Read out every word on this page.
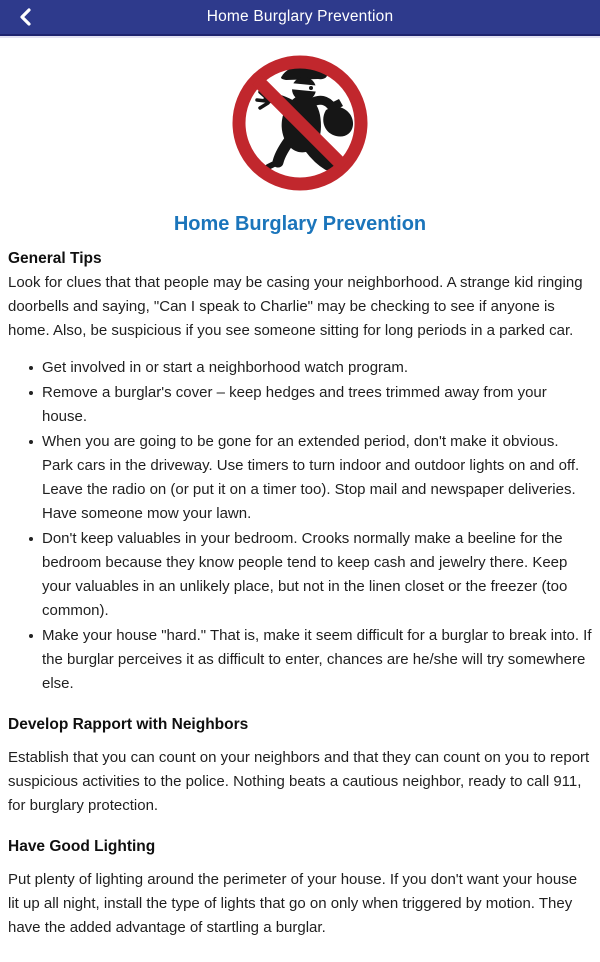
Home Burglary Prevention
Home Burglary Prevention
General Tips

Look for clues that that people may be casing your neighborhood. A strange kid ringing doorbells and saying, "Can I speak to Charlie" may be checking to see if anyone is home. Also, be suspicious if you see someone sitting for long periods in a parked car.

Get involved in or start a neighborhood watch program.
Remove a burglar's cover – keep hedges and trees trimmed away from your house.
When you are going to be gone for an extended period, don't make it obvious. Park cars in the driveway. Use timers to turn indoor and outdoor lights on and off. Leave the radio on (or put it on a timer too). Stop mail and newspaper deliveries. Have someone mow your lawn.
Don't keep valuables in your bedroom. Crooks normally make a beeline for the bedroom because they know people tend to keep cash and jewelry there. Keep your valuables in an unlikely place, but not in the linen closet or the freezer (too common).
Make your house "hard." That is, make it seem difficult for a burglar to break into. If the burglar perceives it as difficult to enter, chances are he/she will try somewhere else.
Develop Rapport with Neighbors

Establish that you can count on your neighbors and that they can count on you to report suspicious activities to the police. Nothing beats a cautious neighbor, ready to call 911, for burglary protection.

Have Good Lighting

Put plenty of lighting around the perimeter of your house. If you don't want your house lit up all night, install the type of lights that go on only when triggered by motion. They have the added advantage of startling a burglar.
